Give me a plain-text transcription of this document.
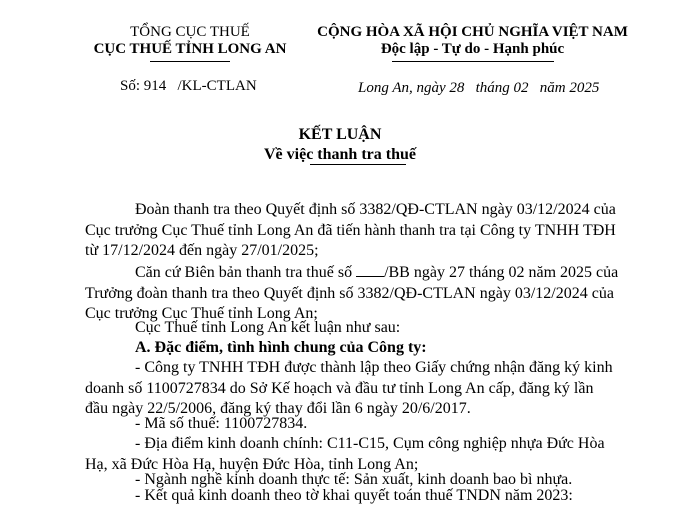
TỔNG CỤC THUẾ
CỤC THUẾ TỈNH LONG AN
Số: 914   /KL-CTLAN
CỘNG HÒA XÃ HỘI CHỦ NGHĨA VIỆT NAM
Độc lập - Tự do - Hạnh phúc
Long An, ngày 28   tháng 02   năm 2025
KẾT LUẬN
Về việc thanh tra thuế
Đoàn thanh tra theo Quyết định số 3382/QĐ-CTLAN ngày 03/12/2024 của
Cục trưởng Cục Thuế tỉnh Long An đã tiến hành thanh tra tại Công ty TNHH TĐH
từ 17/12/2024 đến ngày 27/01/2025;
Căn cứ Biên bản thanh tra thuế số /BB ngày 27 tháng 02 năm 2025 của
Trưởng đoàn thanh tra theo Quyết định số 3382/QĐ-CTLAN ngày 03/12/2024 của
Cục trưởng Cục Thuế tỉnh Long An;
Cục Thuế tỉnh Long An kết luận như sau:
A. Đặc điểm, tình hình chung của Công ty:
- Công ty TNHH TĐH được thành lập theo Giấy chứng nhận đăng ký kinh
doanh số 1100727834 do Sở Kế hoạch và đầu tư tỉnh Long An cấp, đăng ký lần
đầu ngày 22/5/2006, đăng ký thay đổi lần 6 ngày 20/6/2017.
- Mã số thuế: 1100727834.
- Địa điểm kinh doanh chính: C11-C15, Cụm công nghiệp nhựa Đức Hòa
Hạ, xã Đức Hòa Hạ, huyện Đức Hòa, tỉnh Long An;
- Ngành nghề kinh doanh thực tế: Sản xuất, kinh doanh bao bì nhựa.
- Kết quả kinh doanh theo tờ khai quyết toán thuế TNDN năm 2023:
